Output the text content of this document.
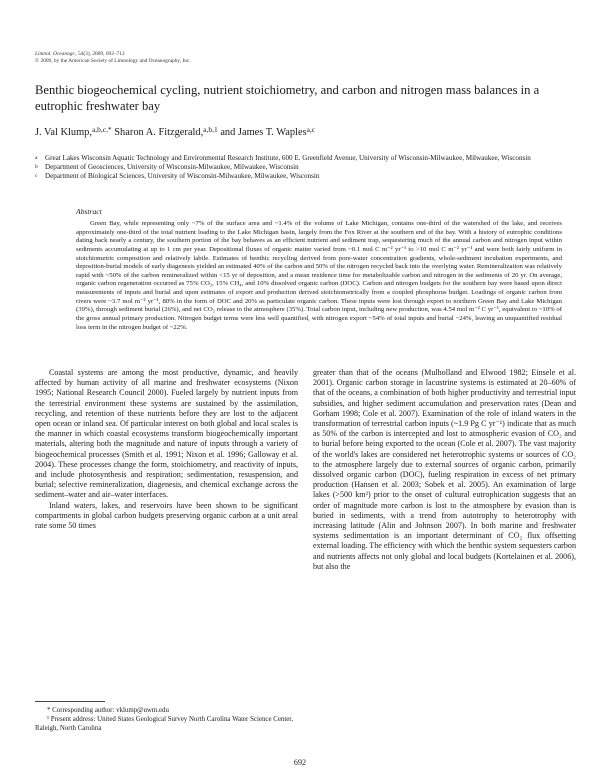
Limnol. Oceanogr., 54(3), 2009, 692–712
© 2009, by the American Society of Limnology and Oceanography, Inc.
Benthic biogeochemical cycling, nutrient stoichiometry, and carbon and nitrogen mass balances in a eutrophic freshwater bay
J. Val Klump,$^{a,b,c,*}$ Sharon A. Fitzgerald,$^{a,b,1}$ and James T. Waples$^{a,c}$
a	Great Lakes Wisconsin Aquatic Technology and Environmental Research Institute, 600 E. Greenfield Avenue, University of Wisconsin-Milwaukee, Milwaukee, Wisconsin
b	Department of Geosciences, University of Wisconsin-Milwaukee, Milwaukee, Wisconsin
c	Department of Biological Sciences, University of Wisconsin-Milwaukee, Milwaukee, Wisconsin
Abstract

Green Bay, while representing only ~7% of the surface area and ~1.4% of the volume of Lake Michigan, contains one-third of the watershed of the lake, and receives approximately one-third of the total nutrient loading to the Lake Michigan basin, largely from the Fox River at the southern end of the bay. With a history of eutrophic conditions dating back nearly a century, the southern portion of the bay behaves as an efficient nutrient and sediment trap, sequestering much of the annual carbon and nitrogen input within sediments accumulating at up to 1 cm per year. Depositional fluxes of organic matter varied from ~0.1 mol C m⁻² yr⁻¹ to >10 mol C m⁻² yr⁻¹ and were both fairly uniform in stoichiometric composition and relatively labile. Estimates of benthic recycling derived from pore-water concentration gradients, whole-sediment incubation experiments, and deposition-burial models of early diagenesis yielded an estimated 40% of the carbon and 50% of the nitrogen recycled back into the overlying water. Remineralization was relatively rapid with ~50% of the carbon remineralized within <15 yr of deposition, and a mean residence time for metabolizable carbon and nitrogen in the sediments of 20 yr. On average, organic carbon regeneration occurred as 75% CO₂, 15% CH₄, and 10% dissolved organic carbon (DOC). Carbon and nitrogen budgets for the southern bay were based upon direct measurements of inputs and burial and upon estimates of export and production derived stoichiometrically from a coupled phosphorus budget. Loadings of organic carbon from rivers were ~3.7 mol m⁻² yr⁻¹, 80% in the form of DOC and 20% as particulate organic carbon. These inputs were lost through export to northern Green Bay and Lake Michigan (39%), through sediment burial (26%), and net CO₂ release to the atmosphere (35%). Total carbon input, including new production, was 4.54 mol m⁻² C yr⁻¹, equivalent to ~10% of the gross annual primary production. Nitrogen budget terms were less well quantified, with nitrogen export ~54% of total inputs and burial ~24%, leaving an unquantified residual loss term in the nitrogen budget of ~22%.

Coastal systems are among the most productive, dynamic, and heavily affected by human activity of all marine and freshwater ecosystems (Nixon 1995; National Research Council 2000). Fueled largely by nutrient inputs from the terrestrial environment these systems are sustained by the assimilation, recycling, and retention of these nutrients before they are lost to the adjacent open ocean or inland sea. Of particular interest on both global and local scales is the manner in which coastal ecosystems transform biogeochemically important materials, altering both the magnitude and nature of inputs through a variety of biogeochemical processes (Smith et al. 1991; Nixon et al. 1996; Galloway et al. 2004). These processes change the form, stoichiometry, and reactivity of inputs, and include photosynthesis and respiration; sedimentation, resuspension, and burial; selective remineralization, diagenesis, and chemical exchange across the sediment–water and air–water interfaces.

Inland waters, lakes, and reservoirs have been shown to be significant compartments in global carbon budgets preserving organic carbon at a unit areal rate some 50 times

greater than that of the oceans (Mulholland and Elwood 1982; Einsele et al. 2001). Organic carbon storage in lacustrine systems is estimated at 20–60% of that of the oceans, a combination of both higher productivity and terrestrial input subsidies, and higher sediment accumulation and preservation rates (Dean and Gorham 1998; Cole et al. 2007). Examination of the role of inland waters in the transformation of terrestrial carbon inputs (~1.9 Pg C yr⁻¹) indicate that as much as 50% of the carbon is intercepted and lost to atmospheric evasion of CO₂ and to burial before being exported to the ocean (Cole et al. 2007). The vast majority of the world's lakes are considered net heterotrophic systems or sources of CO₂ to the atmosphere largely due to external sources of organic carbon, primarily dissolved organic carbon (DOC), fueling respiration in excess of net primary production (Hansen et al. 2003; Sobek et al. 2005). An examination of large lakes (>500 km²) prior to the onset of cultural eutrophication suggests that an order of magnitude more carbon is lost to the atmosphere by evasion than is buried in sediments, with a trend from autotrophy to heterotrophy with increasing latitude (Alin and Johnson 2007). In both marine and freshwater systems sedimentation is an important determinant of CO₂ flux offsetting external loading. The efficiency with which the benthic system sequesters carbon and nutrients affects not only global and local budgets (Kortelainen et al. 2006), but also the

* Corresponding author: vklump@uwm.edu
¹ Present address: United States Geological Survey North Carolina Water Science Center, Raleigh, North Carolina
692
